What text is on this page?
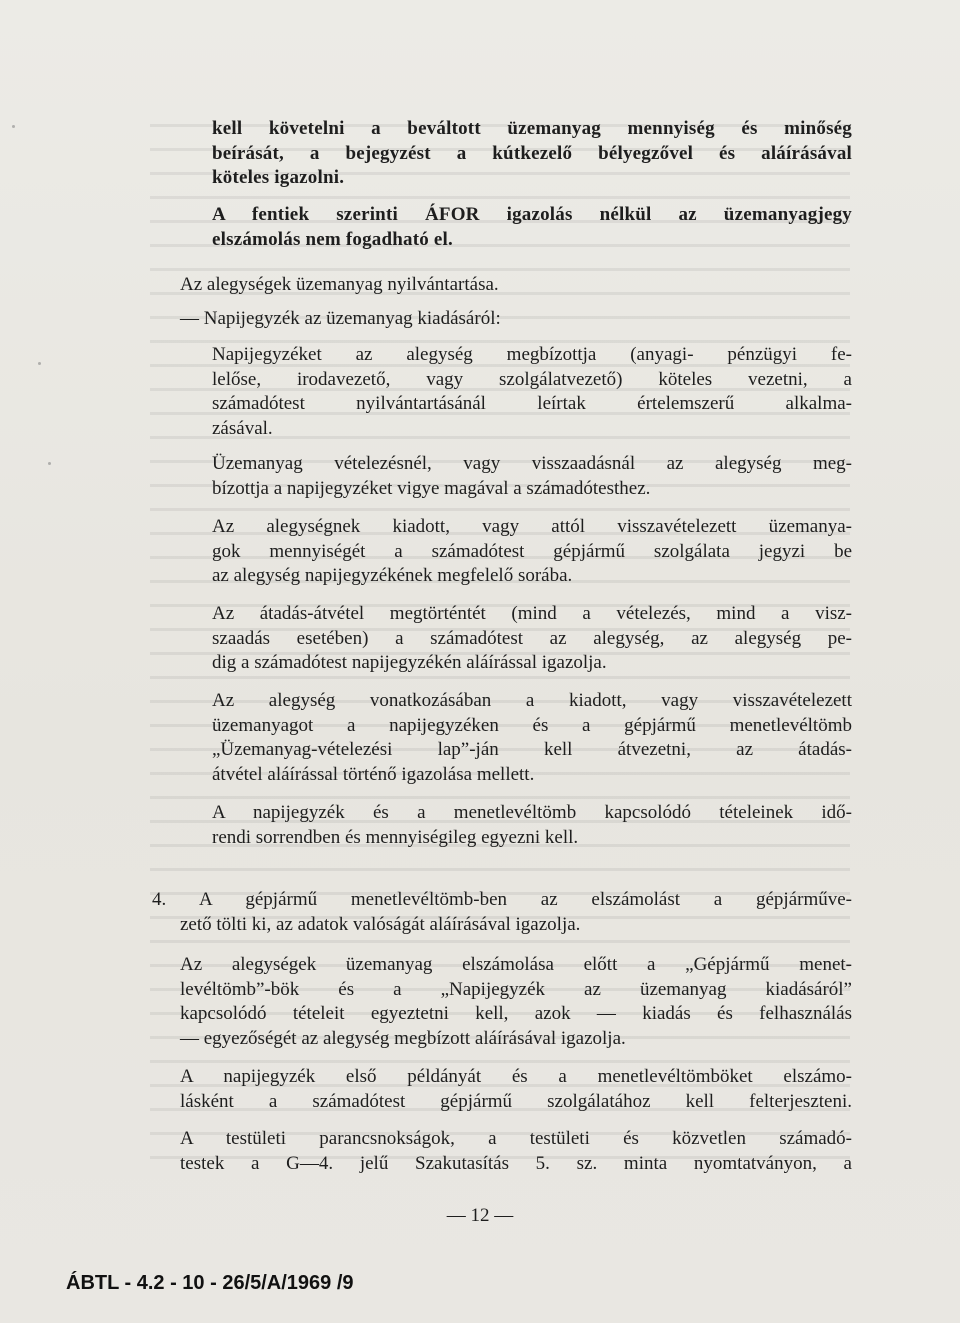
kell követelni a beváltott üzemanyag mennyiség és minőség
beírását, a bejegyzést a kútkezelő bélyegzővel és aláírásával
köteles igazolni.
A fentiek szerinti ÁFOR igazolás nélkül az üzemanyagjegy
elszámolás nem fogadható el.
Az alegységek üzemanyag nyilvántartása.
— Napijegyzék az üzemanyag kiadásáról:
Napijegyzéket az alegység megbízottja (anyagi- pénzügyi fe-
lelőse, irodavezető, vagy szolgálatvezető) köteles vezetni, a
számadótest nyilvántartásánál leírtak értelemszerű alkalma-
zásával.
Üzemanyag vételezésnél, vagy visszaadásnál az alegység meg-
bízottja a napijegyzéket vigye magával a számadótesthez.
Az alegységnek kiadott, vagy attól visszavételezett üzemanya-
gok mennyiségét a számadótest gépjármű szolgálata jegyzi be
az alegység napijegyzékének megfelelő sorába.
Az átadás-átvétel megtörténtét (mind a vételezés, mind a visz-
szaadás esetében) a számadótest az alegység, az alegység pe-
dig a számadótest napijegyzékén aláírással igazolja.
Az alegység vonatkozásában a kiadott, vagy visszavételezett
üzemanyagot a napijegyzéken és a gépjármű menetlevéltömb
„Üzemanyag-vételezési lap”-ján kell átvezetni, az átadás-
átvétel aláírással történő igazolása mellett.
A napijegyzék és a menetlevéltömb kapcsolódó tételeinek idő-
rendi sorrendben és mennyiségileg egyezni kell.
4. A gépjármű menetlevéltömb-ben az elszámolást a gépjárműve-
zető tölti ki, az adatok valóságát aláírásával igazolja.
Az alegységek üzemanyag elszámolása előtt a „Gépjármű menet-
levéltömb”-bök és a „Napijegyzék az üzemanyag kiadásáról”
kapcsolódó tételeit egyeztetni kell, azok — kiadás és felhasználás
— egyezőségét az alegység megbízott aláírásával igazolja.
A napijegyzék első példányát és a menetlevéltömböket elszámo-
lásként a számadótest gépjármű szolgálatához kell felterjeszteni.
A testületi parancsnokságok, a testületi és közvetlen számadó-
testek a G—4. jelű Szakutasítás 5. sz. minta nyomtatványon, a
— 12 —
ÁBTL - 4.2 - 10 - 26/5/A/1969 /9
